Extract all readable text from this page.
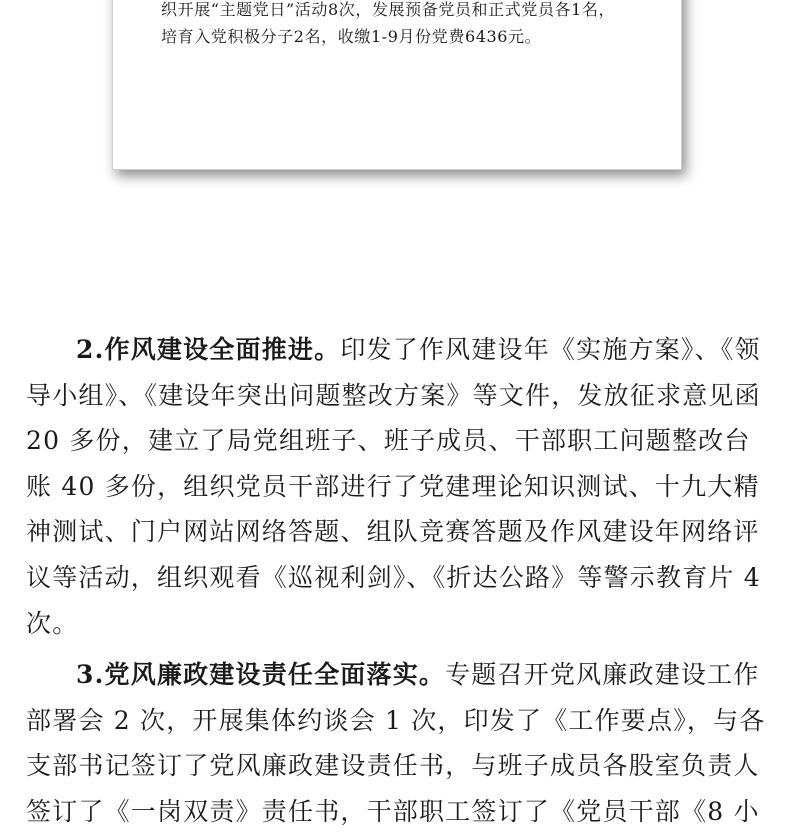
织开展“主题党日”活动8次，发展预备党员和正式党员各1名，
培育入党积极分子2名，收缴1-9月份党费6436元。
2.作风建设全面推进。印发了作风建设年《实施方案》、《领
导小组》、《建设年突出问题整改方案》等文件，发放征求意见函
20 多份，建立了局党组班子、班子成员、干部职工问题整改台
账 40 多份，组织党员干部进行了党建理论知识测试、十九大精
神测试、门户网站网络答题、组队竞赛答题及作风建设年网络评
议等活动，组织观看《巡视利剑》、《折达公路》等警示教育片 4
次。
3.党风廉政建设责任全面落实。专题召开党风廉政建设工作
部署会 2 次，开展集体约谈会 1 次，印发了《工作要点》，与各
支部书记签订了党风廉政建设责任书，与班子成员各股室负责人
签订了《一岗双责》责任书，干部职工签订了《党员干部《8 小
